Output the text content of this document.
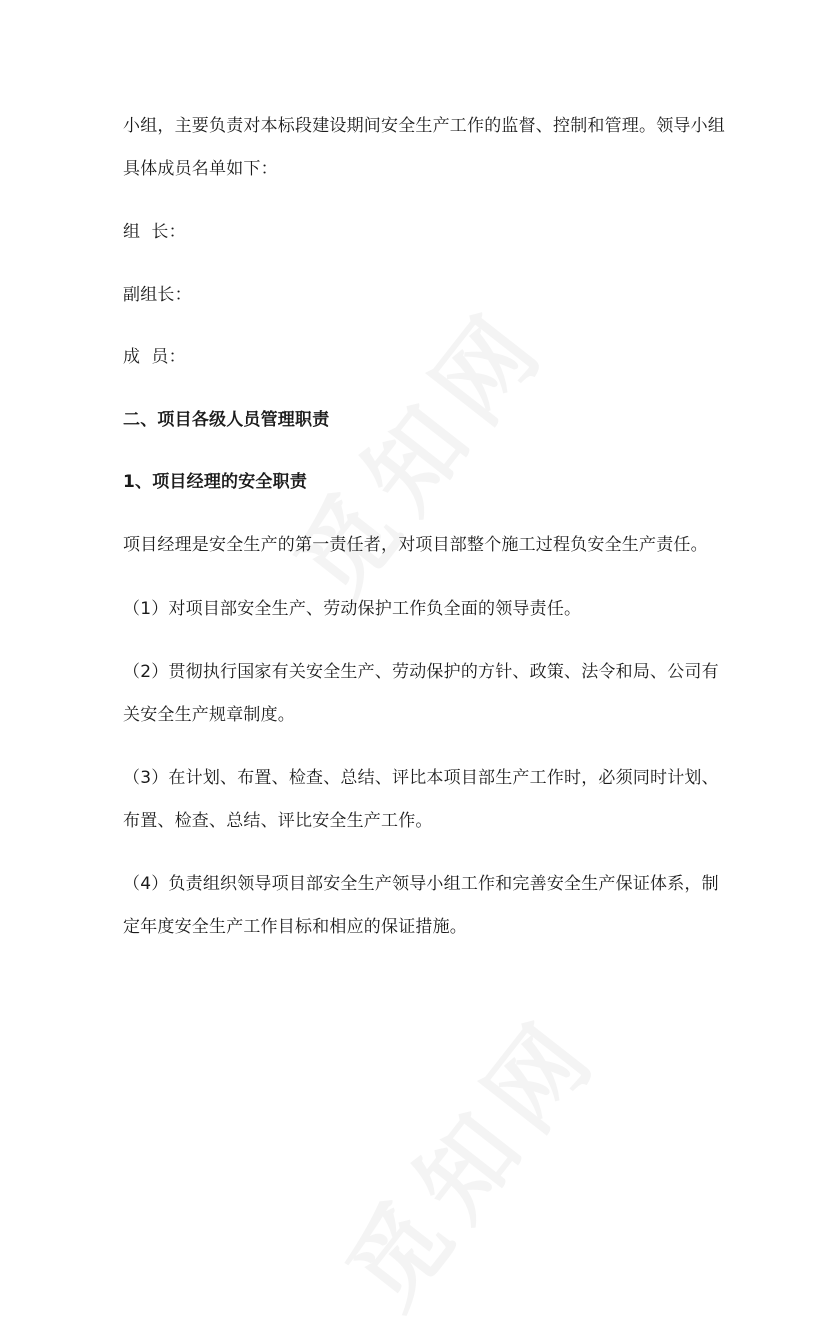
小组，主要负责对本标段建设期间安全生产工作的监督、控制和管理。领导小组
具体成员名单如下：
组  长：
副组长：
成  员：
二、项目各级人员管理职责
1、项目经理的安全职责
项目经理是安全生产的第一责任者，对项目部整个施工过程负安全生产责任。
（1）对项目部安全生产、劳动保护工作负全面的领导责任。
（2）贯彻执行国家有关安全生产、劳动保护的方针、政策、法令和局、公司有
关安全生产规章制度。
（3）在计划、布置、检查、总结、评比本项目部生产工作时，必须同时计划、
布置、检查、总结、评比安全生产工作。
（4）负责组织领导项目部安全生产领导小组工作和完善安全生产保证体系，制
定年度安全生产工作目标和相应的保证措施。
